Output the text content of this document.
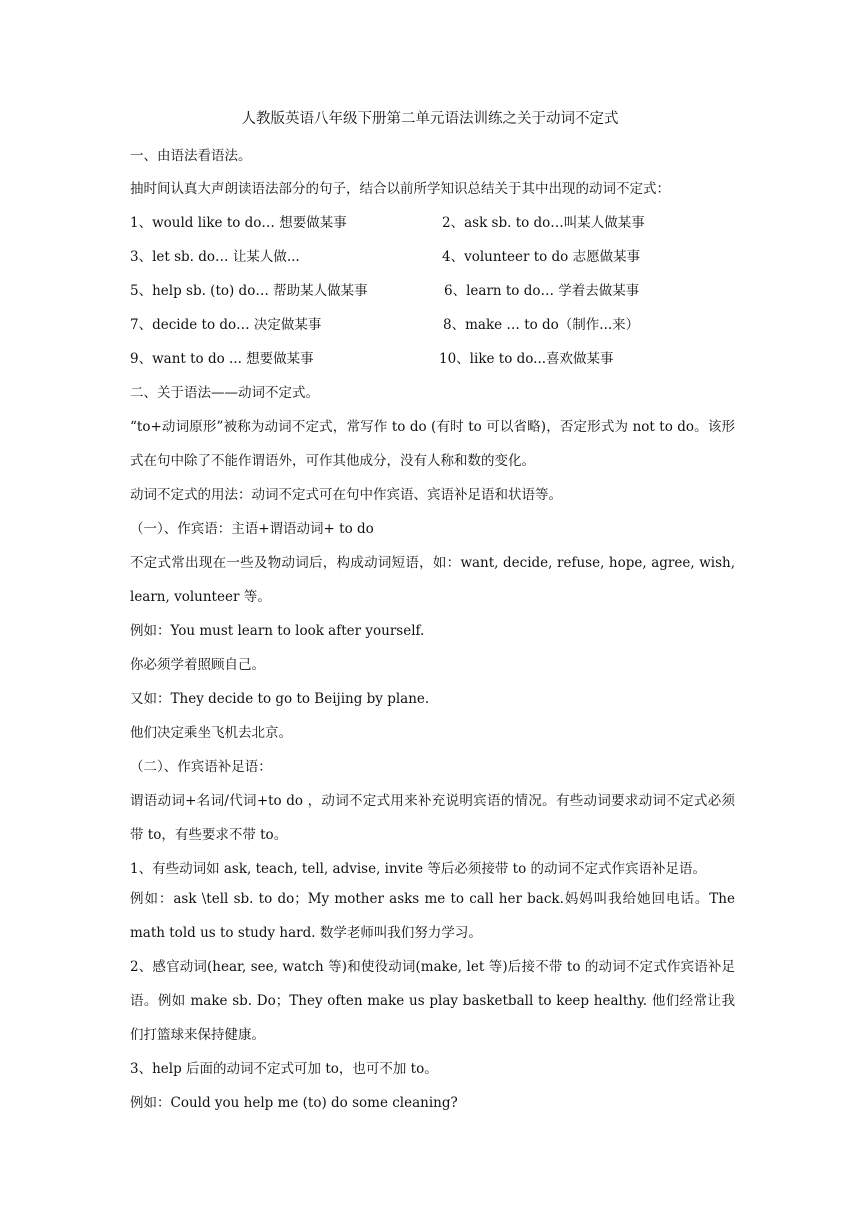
人教版英语八年级下册第二单元语法训练之关于动词不定式
一、由语法看语法。
抽时间认真大声朗读语法部分的句子，结合以前所学知识总结关于其中出现的动词不定式：
1、would like to do… 想要做某事	2、ask sb. to do…叫某人做某事
3、let sb. do… 让某人做...	4、volunteer to do 志愿做某事
5、help sb. (to) do… 帮助某人做某事	6、learn to do… 学着去做某事
7、decide to do… 决定做某事	8、make … to do（制作...来）
9、want to do ... 想要做某事	10、like to do...喜欢做某事
二、关于语法——动词不定式。
“to+动词原形”被称为动词不定式，常写作 to do (有时 to 可以省略)，否定形式为 not to do。该形式在句中除了不能作谓语外，可作其他成分，没有人称和数的变化。
动词不定式的用法：动词不定式可在句中作宾语、宾语补足语和状语等。
（一）、作宾语：主语+谓语动词+ to do
不定式常出现在一些及物动词后，构成动词短语，如：want, decide, refuse, hope, agree, wish, learn, volunteer 等。
例如：You must learn to look after yourself.
你必须学着照顾自己。
又如：They decide to go to Beijing by plane.
他们决定乘坐飞机去北京。
（二）、作宾语补足语：
谓语动词+名词/代词+to do ，动词不定式用来补充说明宾语的情况。有些动词要求动词不定式必须带 to，有些要求不带 to。
1、有些动词如 ask, teach, tell, advise, invite 等后必须接带 to 的动词不定式作宾语补足语。
例如：ask \tell sb. to do；My mother asks me to call her back.妈妈叫我给她回电话。The math told us to study hard. 数学老师叫我们努力学习。
2、感官动词(hear, see, watch 等)和使役动词(make, let 等)后接不带 to 的动词不定式作宾语补足语。例如 make sb. Do；They often make us play basketball to keep healthy. 他们经常让我们打篮球来保持健康。
3、help 后面的动词不定式可加 to，也可不加 to。
例如：Could you help me (to) do some cleaning?
